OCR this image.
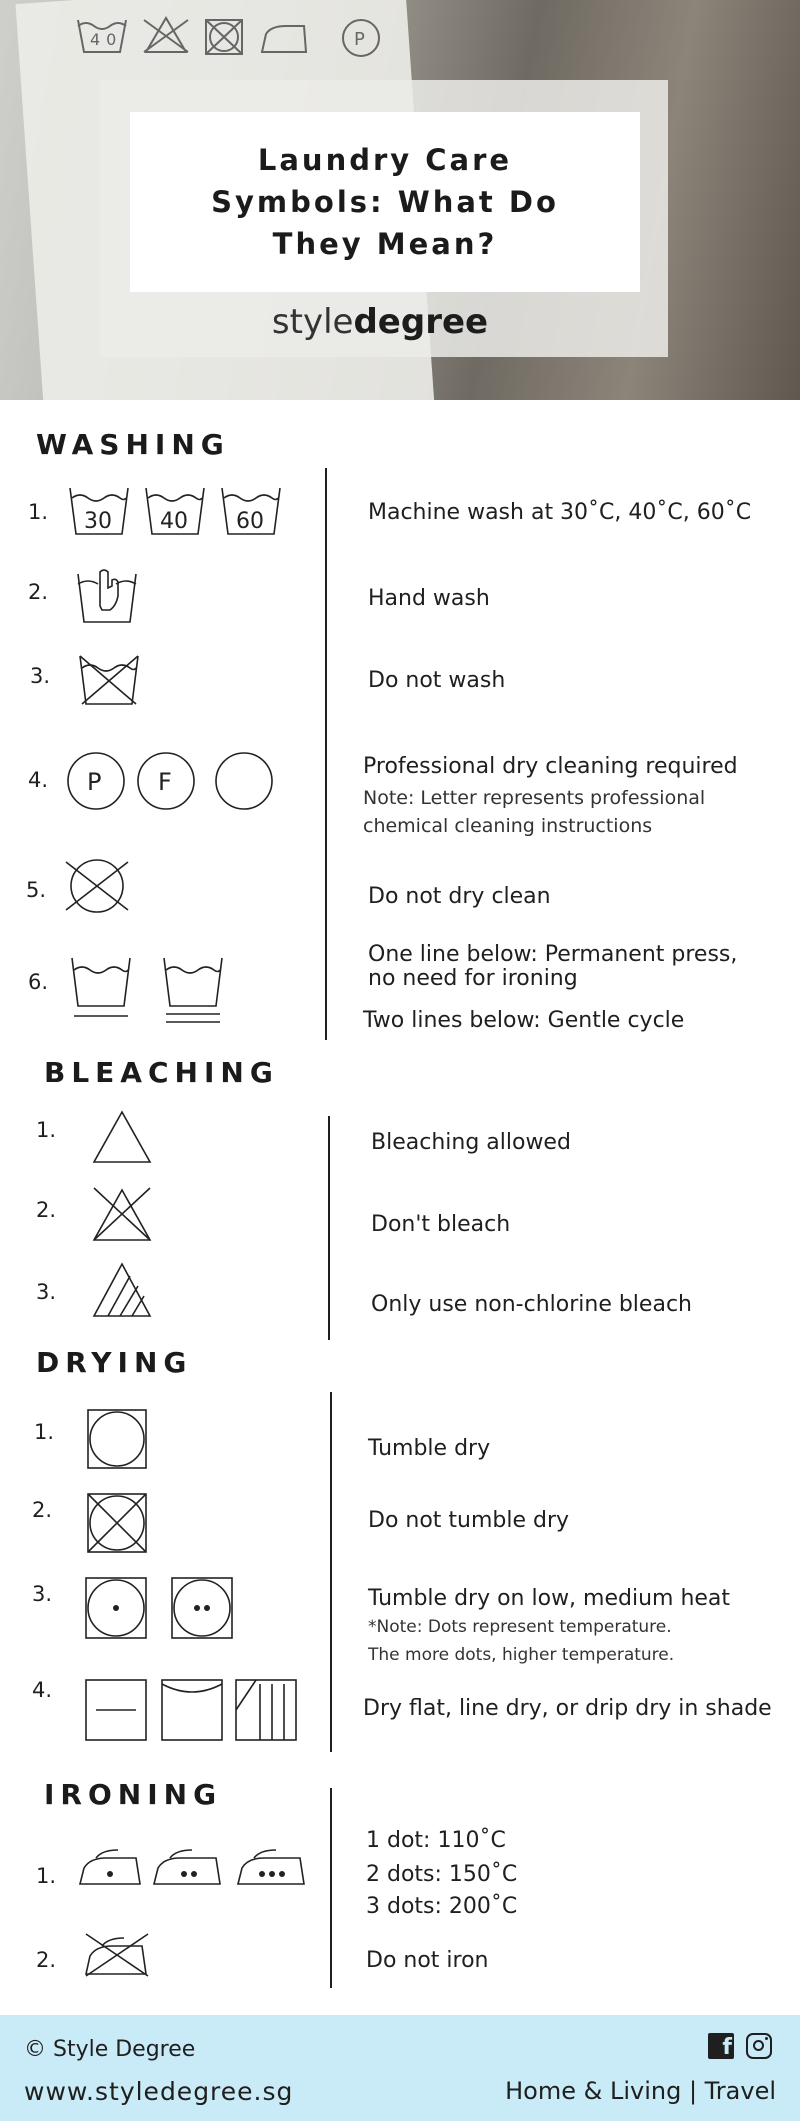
40	P
Laundry Care
Symbols: What Do
They Mean?
styledegree
WASHING
1. 30 40 60	Machine wash at 30˚C, 40˚C, 60˚C
2.	Hand wash
3.	Do not wash
4. P F
Professional dry cleaning required
Note: Letter represents professional
chemical cleaning instructions
5.	Do not dry clean
6.
One line below: Permanent press,
no need for ironing
Two lines below: Gentle cycle
BLEACHING
1.	Bleaching allowed
2.
Don't bleach
3.	Only use non-chlorine bleach
DRYING
1.
Tumble dry
2.	Do not tumble dry
3.	Tumble dry on low, medium heat
*Note: Dots represent temperature.
The more dots, higher temperature.
4.
Dry flat, line dry, or drip dry in shade
IRONING
1.
1 dot: 110˚C
2 dots: 150˚C
3 dots: 200˚C
2.	Do not iron
© Style Degree
www.styledegree.sg	Home & Living | Travel
f
